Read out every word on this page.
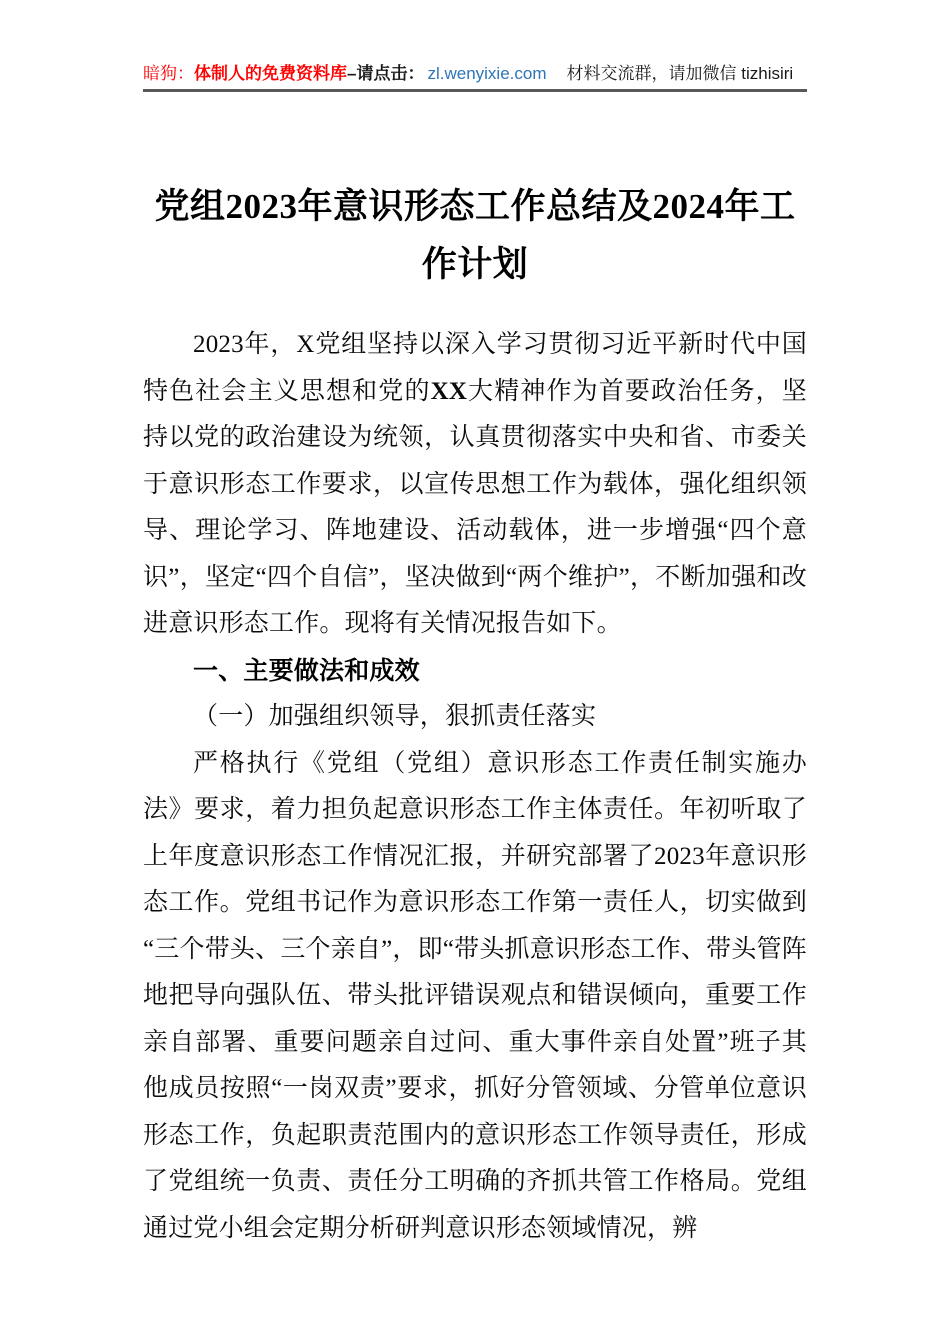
暗狗： 体制人的免费资料库 –请点击： zl.wenyixie.com 材料交流群，请加微信 tizhisiri
党组2023年意识形态工作总结及2024年工作计划

2023年，X党组坚持以深入学习贯彻习近平新时代中国特色社会主义思想和党的XX大精神作为首要政治任务，坚持以党的政治建设为统领，认真贯彻落实中央和省、市委关于意识形态工作要求，以宣传思想工作为载体，强化组织领导、理论学习、阵地建设、活动载体，进一步增强“四个意识”，坚定“四个自信”，坚决做到“两个维护”，不断加强和改进意识形态工作。现将有关情况报告如下。

一、主要做法和成效

（一）加强组织领导，狠抓责任落实

严格执行《党组（党组）意识形态工作责任制实施办法》要求，着力担负起意识形态工作主体责任。年初听取了上年度意识形态工作情况汇报，并研究部署了2023年意识形态工作。党组书记作为意识形态工作第一责任人，切实做到“三个带头、三个亲自”，即“带头抓意识形态工作、带头管阵地把导向强队伍、带头批评错误观点和错误倾向，重要工作亲自部署、重要问题亲自过问、重大事件亲自处置”班子其他成员按照“一岗双责”要求，抓好分管领域、分管单位意识形态工作，负起职责范围内的意识形态工作领导责任，形成了党组统一负责、责任分工明确的齐抓共管工作格局。党组通过党小组会定期分析研判意识形态领域情况，辨
